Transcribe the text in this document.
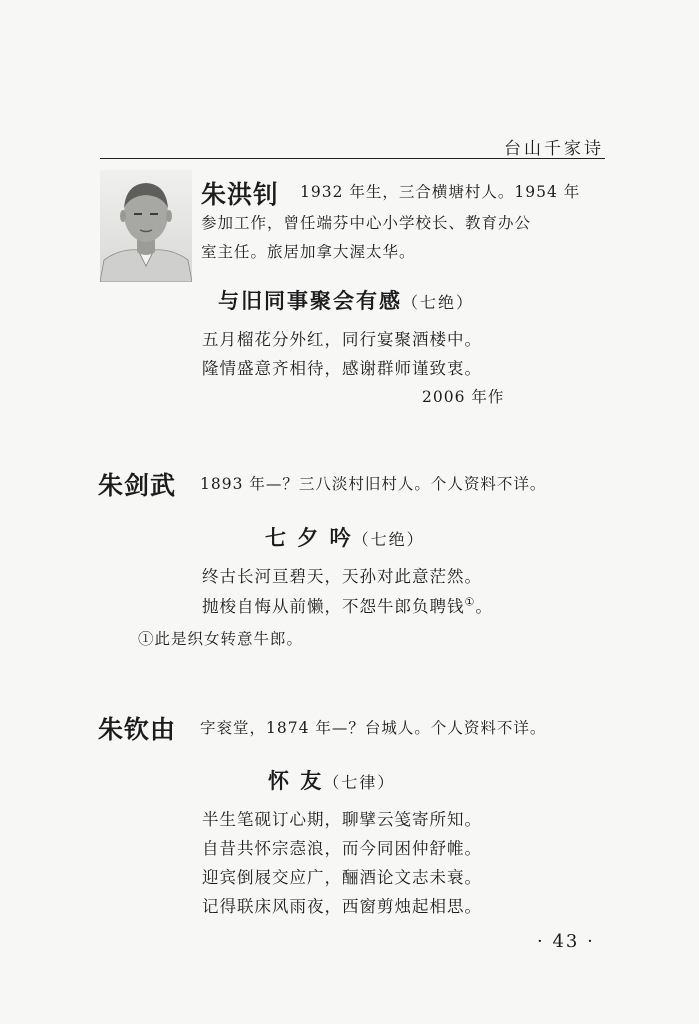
台山千家诗
朱洪钊 1932 年生，三合横塘村人。1954 年
参加工作，曾任端芬中心小学校长、教育办公
室主任。旅居加拿大渥太华。
与旧同事聚会有感（七绝）
五月榴花分外红，同行宴聚酒楼中。
隆情盛意齐相待，感谢群师谨致衷。
2006 年作
朱剑武 1893 年—？三八淡村旧村人。个人资料不详。
七 夕 吟（七绝）
终古长河亘碧天，天孙对此意茫然。
抛梭自悔从前懒，不怨牛郎负聘钱①。
①此是织女转意牛郎。
朱钦由 字衮堂，1874 年—？台城人。个人资料不详。
怀 友（七律）
半生笔砚订心期，聊擘云笺寄所知。
自昔共怀宗悫浪，而今同困仲舒帷。
迎宾倒屐交应广，酾酒论文志未衰。
记得联床风雨夜，西窗剪烛起相思。
· 43 ·
